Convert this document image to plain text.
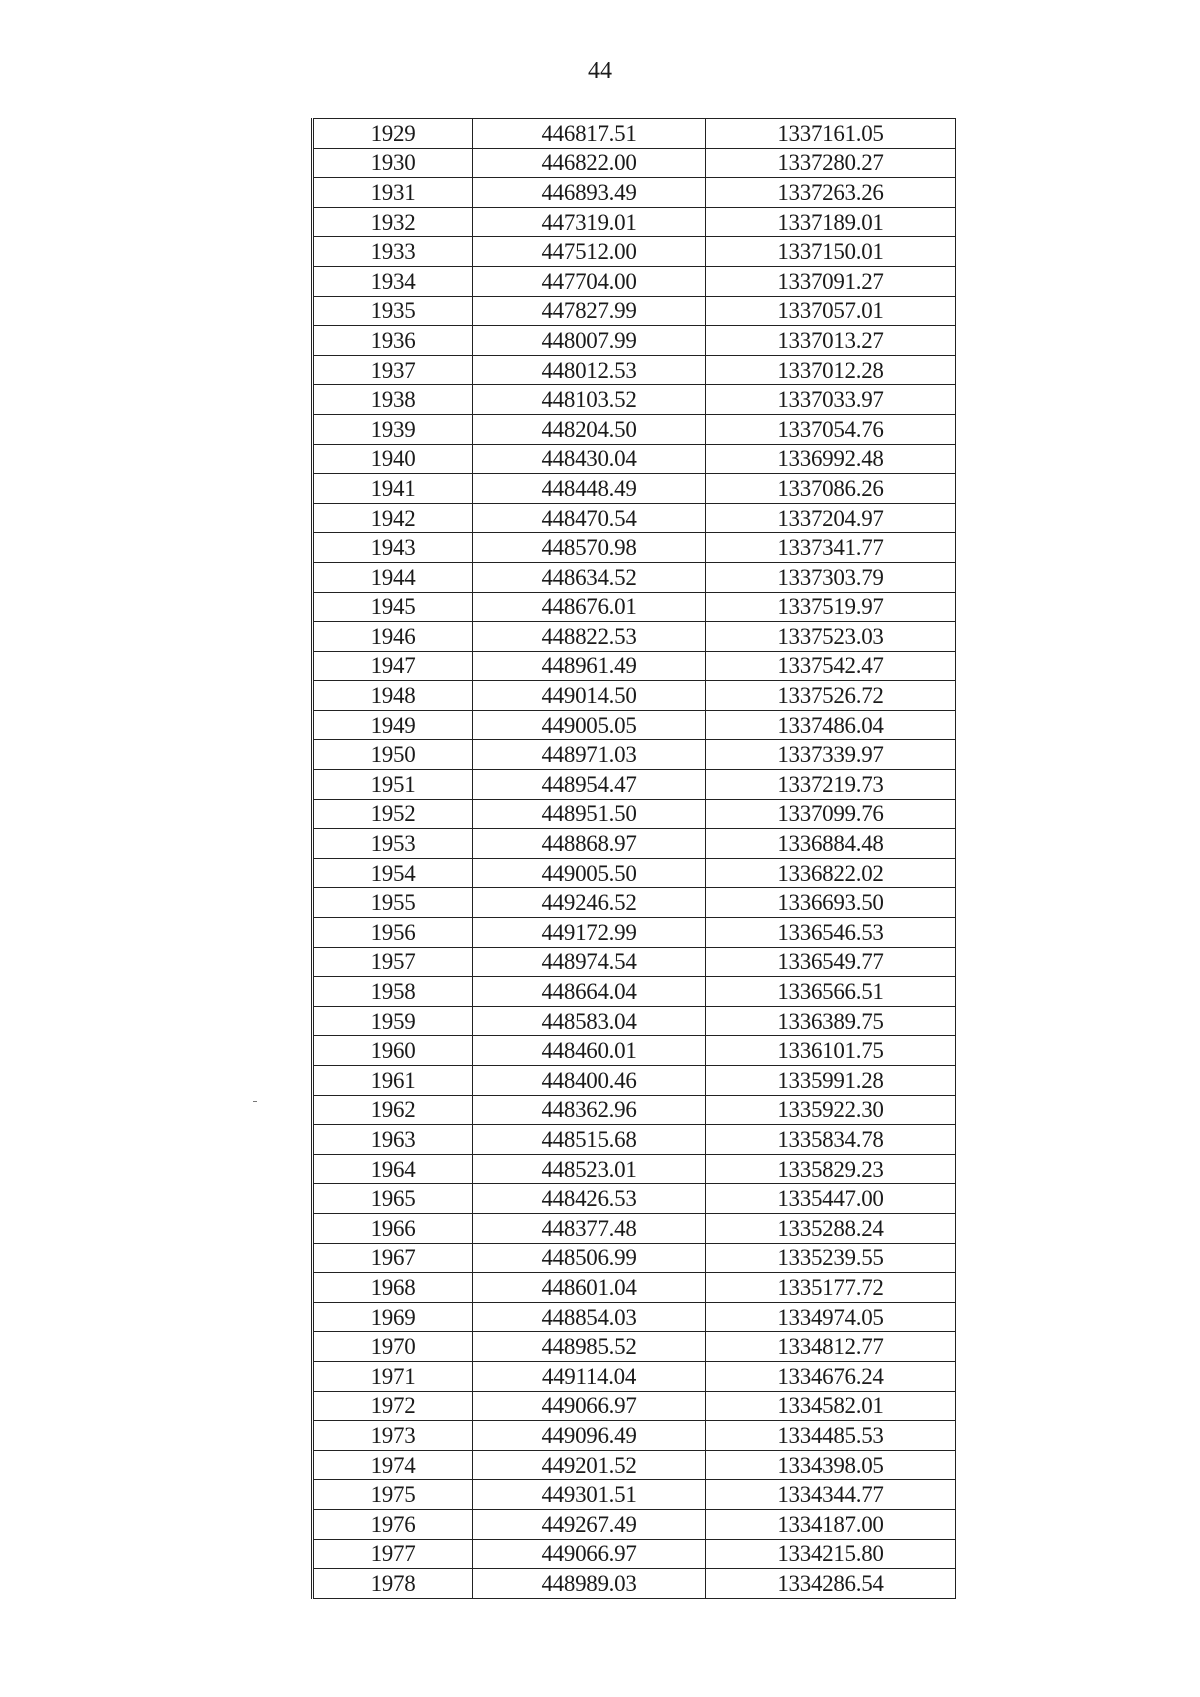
44
1929	446817.51	1337161.05
1930	446822.00	1337280.27
1931	446893.49	1337263.26
1932	447319.01	1337189.01
1933	447512.00	1337150.01
1934	447704.00	1337091.27
1935	447827.99	1337057.01
1936	448007.99	1337013.27
1937	448012.53	1337012.28
1938	448103.52	1337033.97
1939	448204.50	1337054.76
1940	448430.04	1336992.48
1941	448448.49	1337086.26
1942	448470.54	1337204.97
1943	448570.98	1337341.77
1944	448634.52	1337303.79
1945	448676.01	1337519.97
1946	448822.53	1337523.03
1947	448961.49	1337542.47
1948	449014.50	1337526.72
1949	449005.05	1337486.04
1950	448971.03	1337339.97
1951	448954.47	1337219.73
1952	448951.50	1337099.76
1953	448868.97	1336884.48
1954	449005.50	1336822.02
1955	449246.52	1336693.50
1956	449172.99	1336546.53
1957	448974.54	1336549.77
1958	448664.04	1336566.51
1959	448583.04	1336389.75
1960	448460.01	1336101.75
1961	448400.46	1335991.28
1962	448362.96	1335922.30
1963	448515.68	1335834.78
1964	448523.01	1335829.23
1965	448426.53	1335447.00
1966	448377.48	1335288.24
1967	448506.99	1335239.55
1968	448601.04	1335177.72
1969	448854.03	1334974.05
1970	448985.52	1334812.77
1971	449114.04	1334676.24
1972	449066.97	1334582.01
1973	449096.49	1334485.53
1974	449201.52	1334398.05
1975	449301.51	1334344.77
1976	449267.49	1334187.00
1977	449066.97	1334215.80
1978	448989.03	1334286.54
